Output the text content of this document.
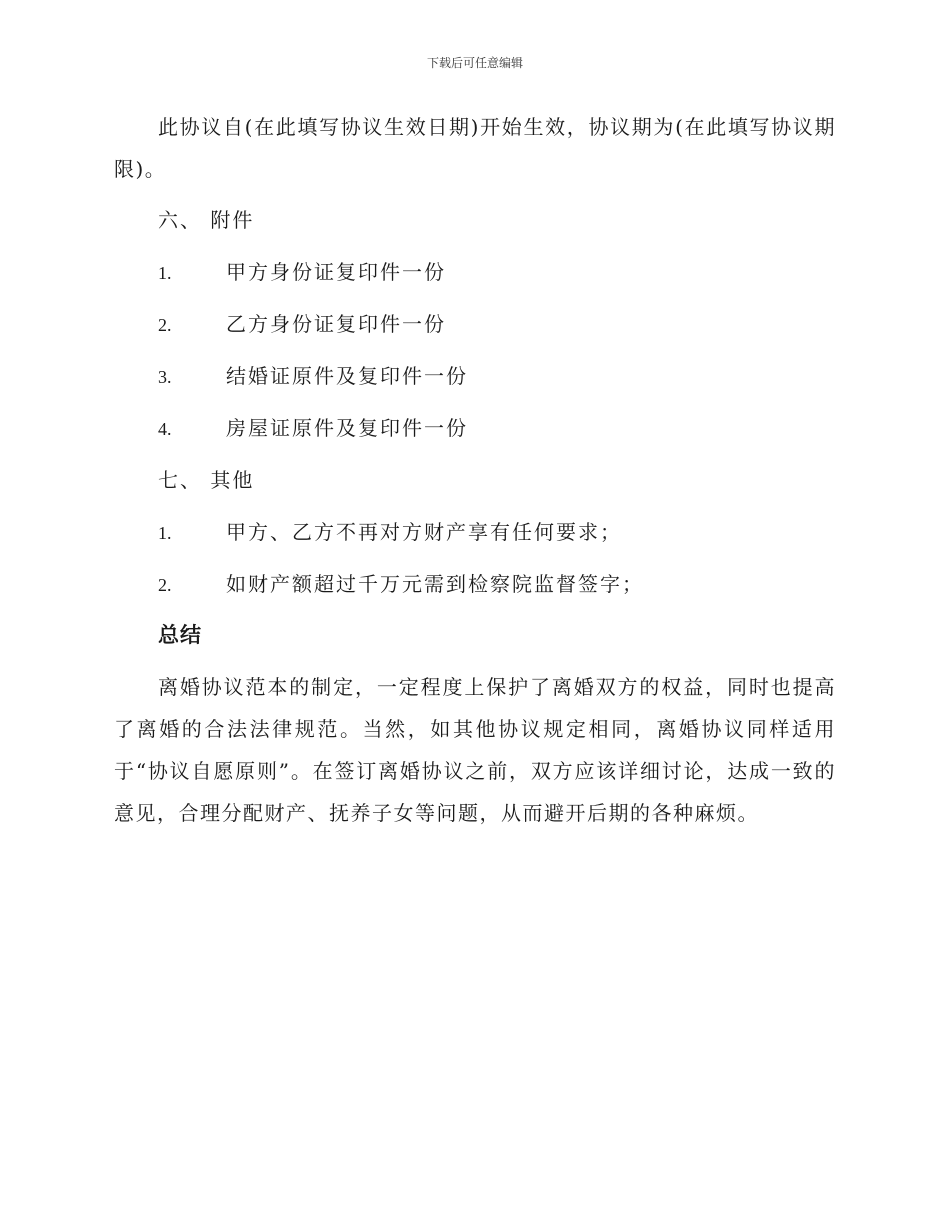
下载后可任意编辑
此协议自(在此填写协议生效日期)开始生效，协议期为(在此填写协议期限)。
六、 附件
1.	甲方身份证复印件一份
2.	乙方身份证复印件一份
3.	结婚证原件及复印件一份
4.	房屋证原件及复印件一份
七、 其他
1.	甲方、乙方不再对方财产享有任何要求；
2.	如财产额超过千万元需到检察院监督签字；
总结
离婚协议范本的制定，一定程度上保护了离婚双方的权益，同时也提高了离婚的合法法律规范。当然，如其他协议规定相同，离婚协议同样适用于“协议自愿原则”。在签订离婚协议之前，双方应该详细讨论，达成一致的意见，合理分配财产、抚养子女等问题，从而避开后期的各种麻烦。
